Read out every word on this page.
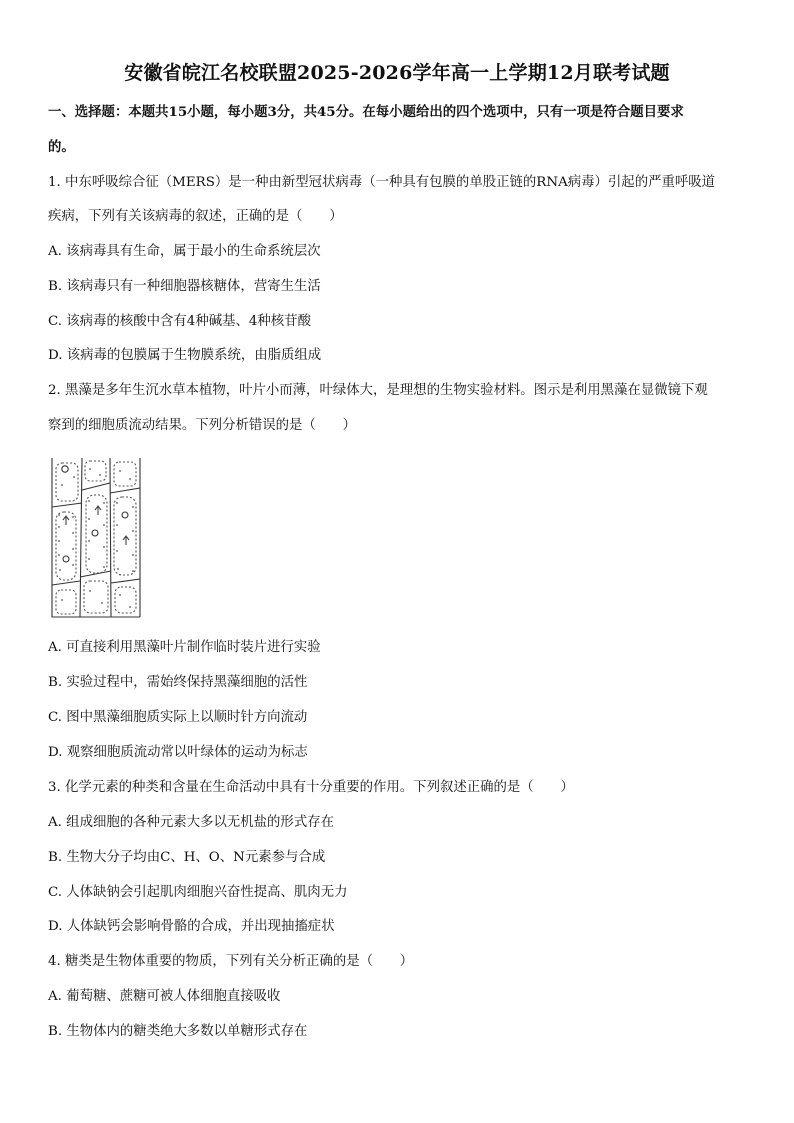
安徽省皖江名校联盟2025-2026学年高一上学期12月联考试题
一、选择题：本题共15小题，每小题3分，共45分。在每小题给出的四个选项中，只有一项是符合题目要求
的。
1. 中东呼吸综合征（MERS）是一种由新型冠状病毒（一种具有包膜的单股正链的RNA病毒）引起的严重呼吸道
疾病，下列有关该病毒的叙述，正确的是（　　）
A. 该病毒具有生命，属于最小的生命系统层次
B. 该病毒只有一种细胞器核糖体，营寄生生活
C. 该病毒的核酸中含有4种碱基、4种核苷酸
D. 该病毒的包膜属于生物膜系统，由脂质组成
2. 黑藻是多年生沉水草本植物，叶片小而薄，叶绿体大，是理想的生物实验材料。图示是利用黑藻在显微镜下观
察到的细胞质流动结果。下列分析错误的是（　　）
A. 可直接利用黑藻叶片制作临时装片进行实验
B. 实验过程中，需始终保持黑藻细胞的活性
C. 图中黑藻细胞质实际上以顺时针方向流动
D. 观察细胞质流动常以叶绿体的运动为标志
3. 化学元素的种类和含量在生命活动中具有十分重要的作用。下列叙述正确的是（　　）
A. 组成细胞的各种元素大多以无机盐的形式存在
B. 生物大分子均由C、H、O、N元素参与合成
C. 人体缺钠会引起肌肉细胞兴奋性提高、肌肉无力
D. 人体缺钙会影响骨骼的合成，并出现抽搐症状
4. 糖类是生物体重要的物质，下列有关分析正确的是（　　）
A. 葡萄糖、蔗糖可被人体细胞直接吸收
B. 生物体内的糖类绝大多数以单糖形式存在
